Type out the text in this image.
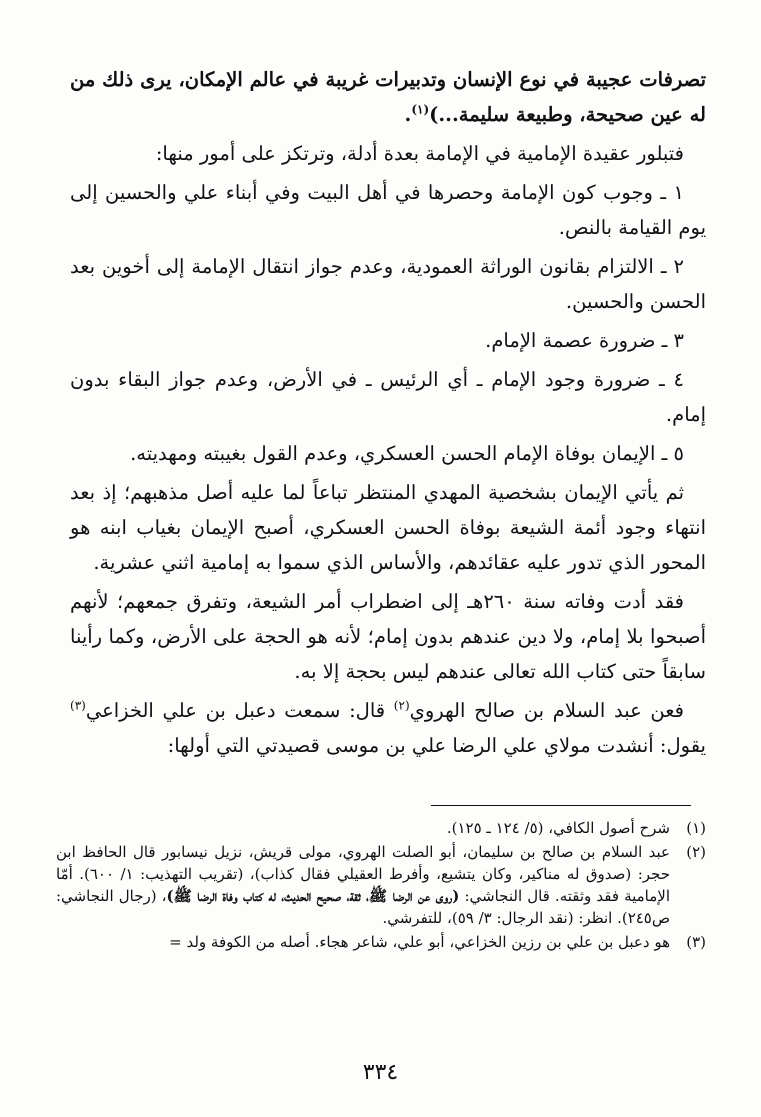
تصرفات عجيبة في نوع الإنسان وتدبيرات غريبة في عالم الإمكان، يرى ذلك من له عين صحيحة، وطبيعة سليمة...)$^{(١)}$.

فتبلور عقيدة الإمامية في الإمامة بعدة أدلة، وترتكز على أمور منها:

١ ـ وجوب كون الإمامة وحصرها في أهل البيت وفي أبناء علي والحسين إلى يوم القيامة بالنص.

٢ ـ الالتزام بقانون الوراثة العمودية، وعدم جواز انتقال الإمامة إلى أخوين بعد الحسن والحسين.

٣ ـ ضرورة عصمة الإمام.

٤ ـ ضرورة وجود الإمام ـ أي الرئيس ـ في الأرض، وعدم جواز البقاء بدون إمام.

٥ ـ الإيمان بوفاة الإمام الحسن العسكري، وعدم القول بغيبته ومهديته.

ثم يأتي الإيمان بشخصية المهدي المنتظر تباعاً لما عليه أصل مذهبهم؛ إذ بعد انتهاء وجود أئمة الشيعة بوفاة الحسن العسكري، أصبح الإيمان بغياب ابنه هو المحور الذي تدور عليه عقائدهم، والأساس الذي سموا به إمامية اثني عشرية.

فقد أدت وفاته سنة ٢٦٠هـ إلى اضطراب أمر الشيعة، وتفرق جمعهم؛ لأنهم أصبحوا بلا إمام، ولا دين عندهم بدون إمام؛ لأنه هو الحجة على الأرض، وكما رأينا سابقاً حتى كتاب الله تعالى عندهم ليس بحجة إلا به.

فعن عبد السلام بن صالح الهروي$^{(٢)}$ قال: سمعت دعبل بن علي الخزاعي$^{(٣)}$ يقول: أنشدت مولاي علي الرضا علي بن موسى قصيدتي التي أولها:

(١)
شرح أصول الكافي، (٥/ ١٢٤ ـ ١٢٥).
(٢)
عبد السلام بن صالح بن سليمان، أبو الصلت الهروي، مولى قريش، نزيل نيسابور قال الحافظ ابن حجر: (صدوق له مناكير، وكان يتشيع، وأفرط العقيلي فقال كذاب)، (تقريب التهذيب: ١/ ٦٠٠). أمّا الإمامية فقد وثقته. قال النجاشي: (روى عن الرضا ﷺ، ثقة، صحيح الحديث، له كتاب وفاة الرضا ﷺ)، (رجال النجاشي: ص٢٤٥). انظر: (نقد الرجال: ٣/ ٥٩)، للتفرشي.
(٣)
هو دعبل بن علي بن رزين الخزاعي، أبو علي، شاعر هجاء. أصله من الكوفة ولد =
٣٣٤
